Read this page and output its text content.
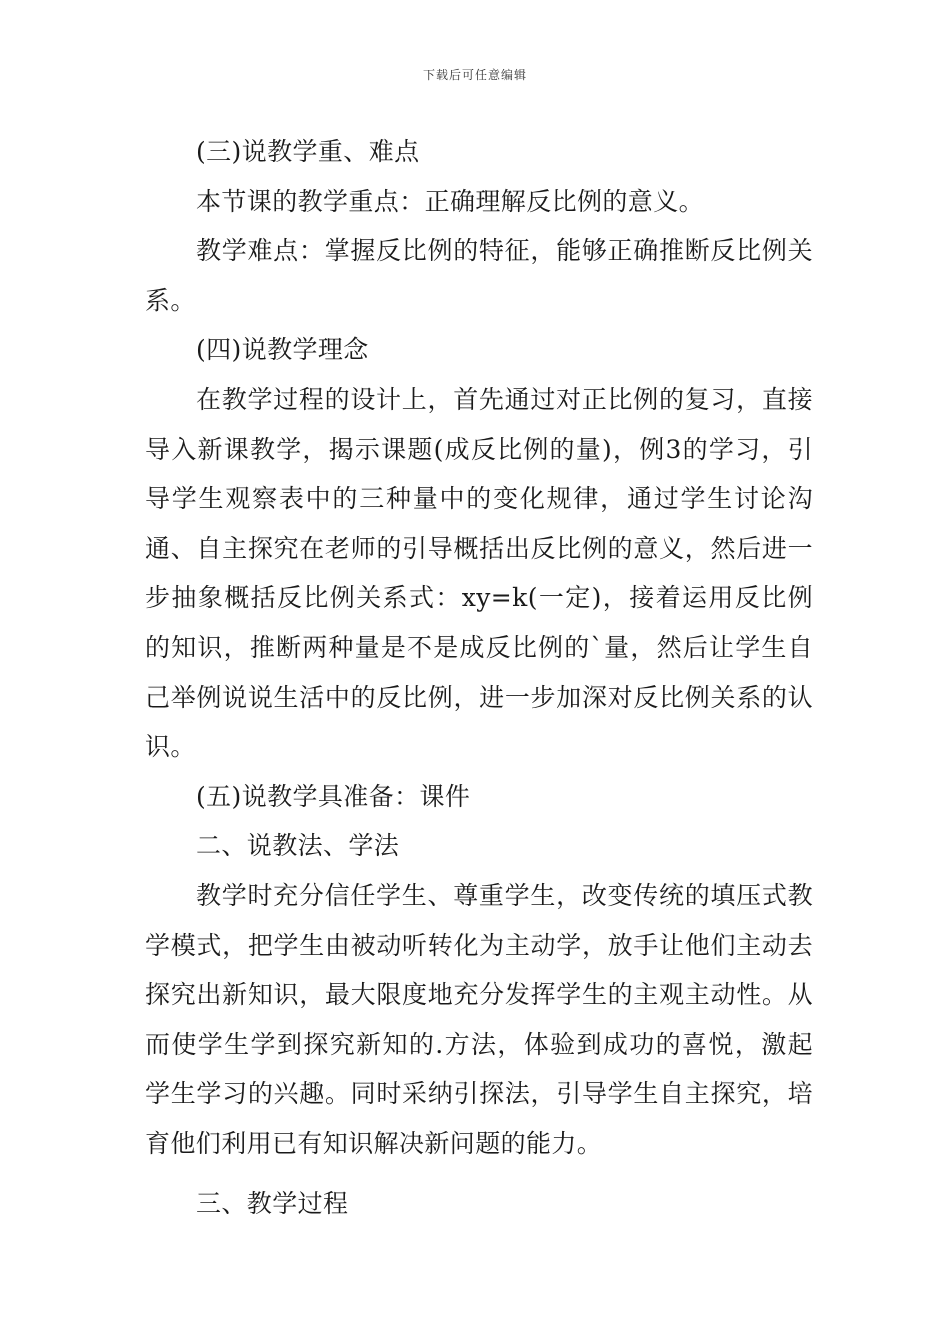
下载后可任意编辑

(三)说教学重、难点

本节课的教学重点：正确理解反比例的意义。

教学难点：掌握反比例的特征，能够正确推断反比例关系。

(四)说教学理念

在教学过程的设计上，首先通过对正比例的复习，直接导入新课教学，揭示课题(成反比例的量)，例3的学习，引导学生观察表中的三种量中的变化规律，通过学生讨论沟通、自主探究在老师的引导概括出反比例的意义，然后进一步抽象概括反比例关系式：xy=k(一定)，接着运用反比例的知识，推断两种量是不是成反比例的`量，然后让学生自己举例说说生活中的反比例，进一步加深对反比例关系的认识。

(五)说教学具准备：课件

二、说教法、学法

教学时充分信任学生、尊重学生，改变传统的填压式教学模式，把学生由被动听转化为主动学，放手让他们主动去探究出新知识，最大限度地充分发挥学生的主观主动性。从而使学生学到探究新知的.方法，体验到成功的喜悦，激起学生学习的兴趣。同时采纳引探法，引导学生自主探究，培育他们利用已有知识解决新问题的能力。

三、教学过程
